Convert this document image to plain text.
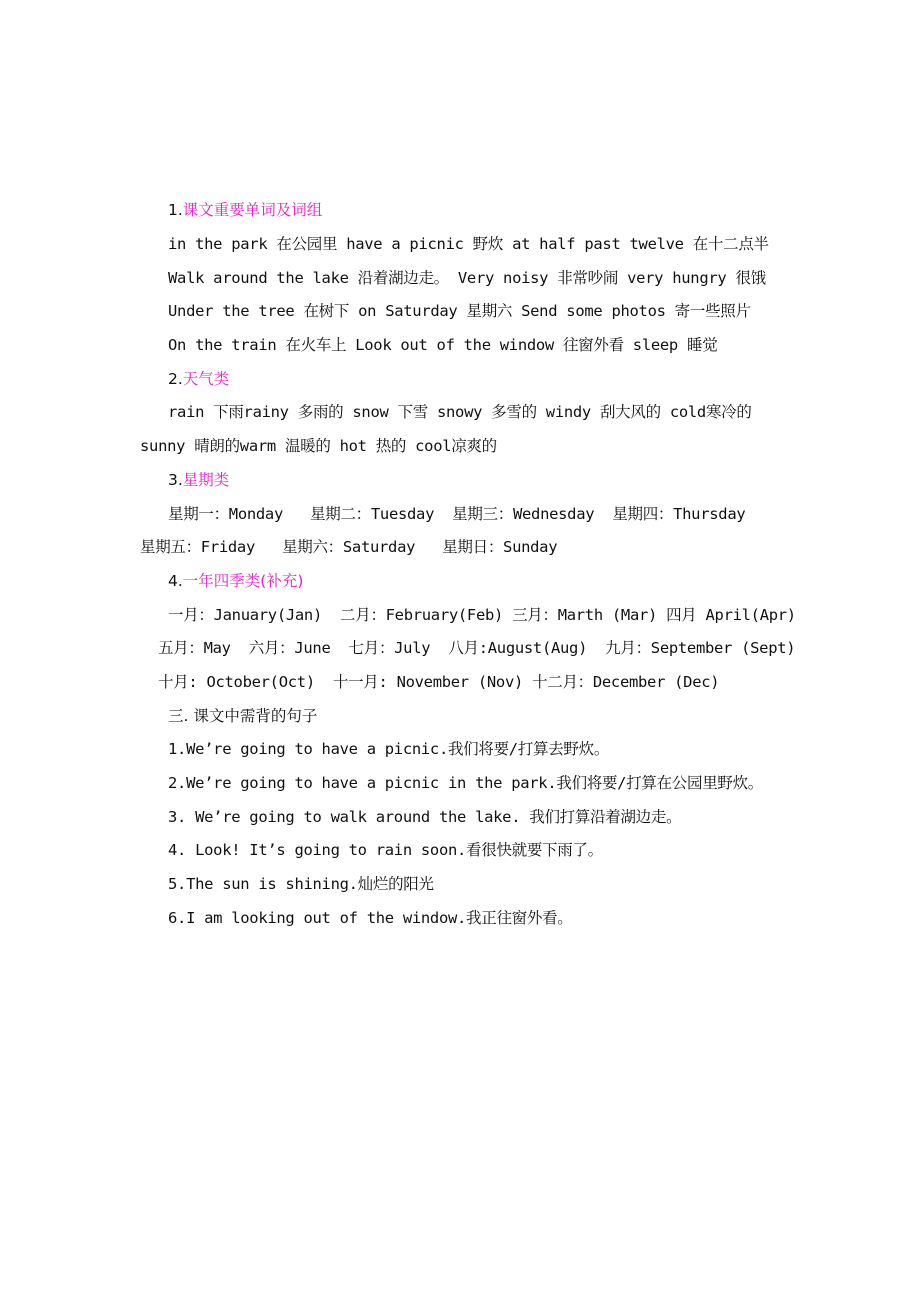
1.课文重要单词及词组
in the park 在公园里 have a picnic 野炊 at half past twelve 在十二点半
Walk around the lake 沿着湖边走。 Very noisy 非常吵闹 very hungry 很饿
Under the tree 在树下 on Saturday 星期六 Send some photos 寄一些照片
On the train 在火车上 Look out of the window 往窗外看 sleep 睡觉
2.天气类
rain 下雨rainy 多雨的 snow 下雪 snowy 多雪的 windy 刮大风的 cold寒冷的
sunny 晴朗的warm 温暖的 hot 热的 cool凉爽的
3.星期类
星期一：Monday   星期二：Tuesday  星期三：Wednesday  星期四：Thursday
星期五：Friday   星期六：Saturday   星期日：Sunday
4.一年四季类(补充)
一月：January(Jan)  二月：February(Feb) 三月：Marth (Mar) 四月 April(Apr)
五月：May  六月：June  七月：July  八月:August(Aug)  九月：September (Sept)
十月: October(Oct)  十一月: November (Nov) 十二月：December (Dec)
三. 课文中需背的句子
1.We’re going to have a picnic.我们将要/打算去野炊。
2.We’re going to have a picnic in the park.我们将要/打算在公园里野炊。
3. We’re going to walk around the lake. 我们打算沿着湖边走。
4. Look! It’s going to rain soon.看很快就要下雨了。
5.The sun is shining.灿烂的阳光
6.I am looking out of the window.我正往窗外看。
